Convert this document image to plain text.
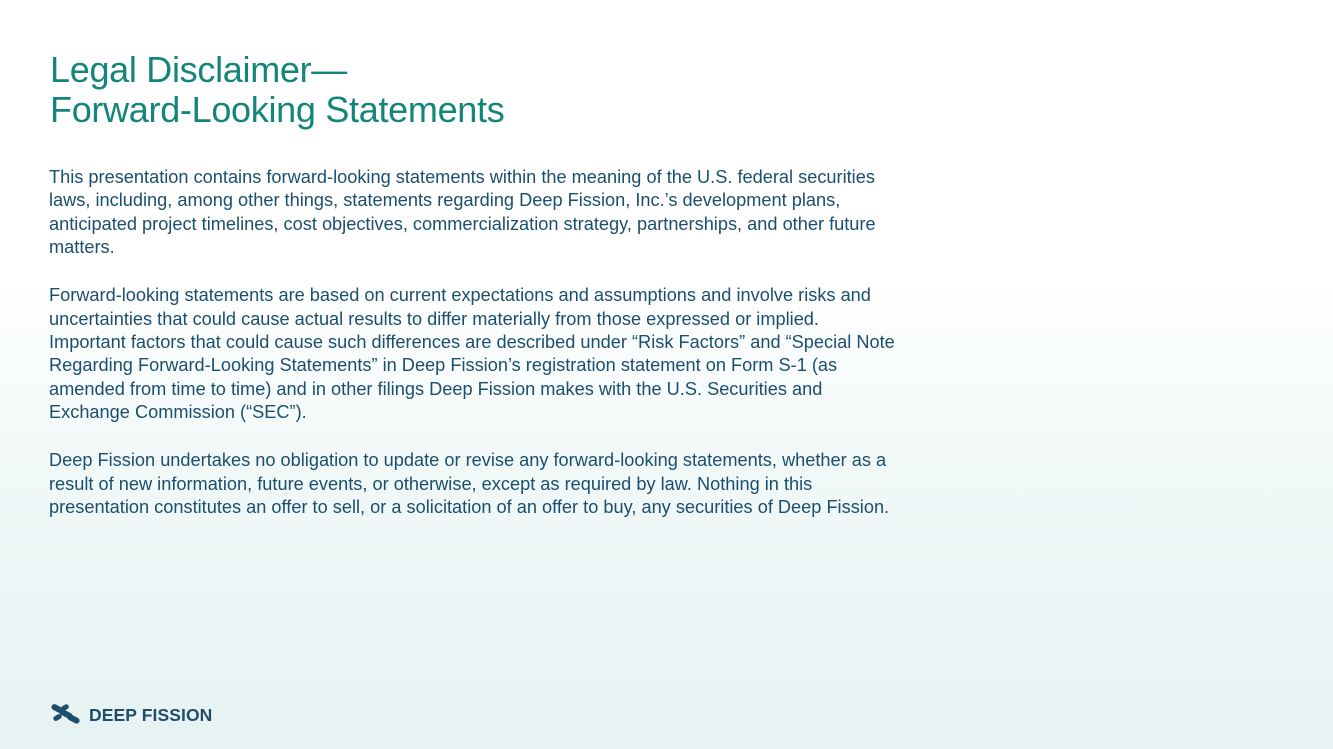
Legal Disclaimer—
Forward-Looking Statements

This presentation contains forward-looking statements within the meaning of the U.S. federal securities laws, including, among other things, statements regarding Deep Fission, Inc.’s development plans, anticipated project timelines, cost objectives, commercialization strategy, partnerships, and other future matters.

Forward-looking statements are based on current expectations and assumptions and involve risks and uncertainties that could cause actual results to differ materially from those expressed or implied. Important factors that could cause such differences are described under “Risk Factors” and “Special Note Regarding Forward-Looking Statements” in Deep Fission’s registration statement on Form S-1 (as amended from time to time) and in other filings Deep Fission makes with the U.S. Securities and Exchange Commission (“SEC”).

Deep Fission undertakes no obligation to update or revise any forward-looking statements, whether as a result of new information, future events, or otherwise, except as required by law. Nothing in this presentation constitutes an offer to sell, or a solicitation of an offer to buy, any securities of Deep Fission.

DEEP FISSION
